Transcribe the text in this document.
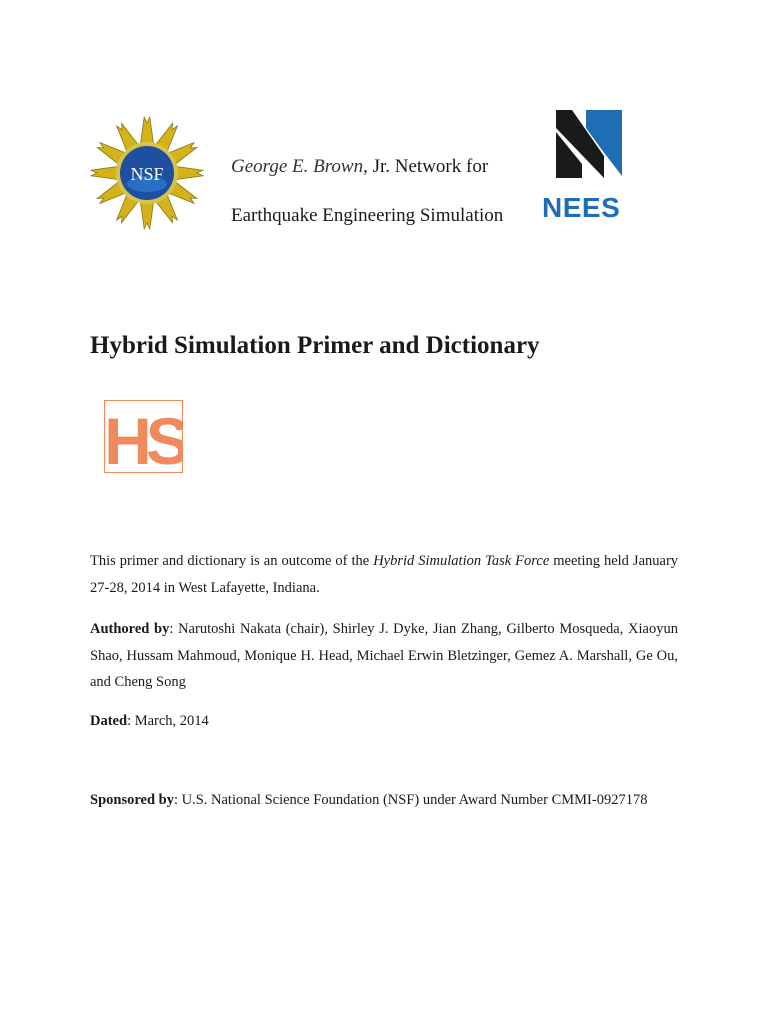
NSF	George E. Brown, Jr. Network for
Earthquake Engineering Simulation NEES
Hybrid Simulation Primer and Dictionary
HS
This primer and dictionary is an outcome of the Hybrid Simulation Task Force meeting held January 27-28, 2014 in West Lafayette, Indiana.
Authored by: Narutoshi Nakata (chair), Shirley J. Dyke, Jian Zhang, Gilberto Mosqueda, Xiaoyun Shao, Hussam Mahmoud, Monique H. Head, Michael Erwin Bletzinger, Gemez A. Marshall, Ge Ou, and Cheng Song
Dated: March, 2014
Sponsored by: U.S. National Science Foundation (NSF) under Award Number CMMI-0927178
